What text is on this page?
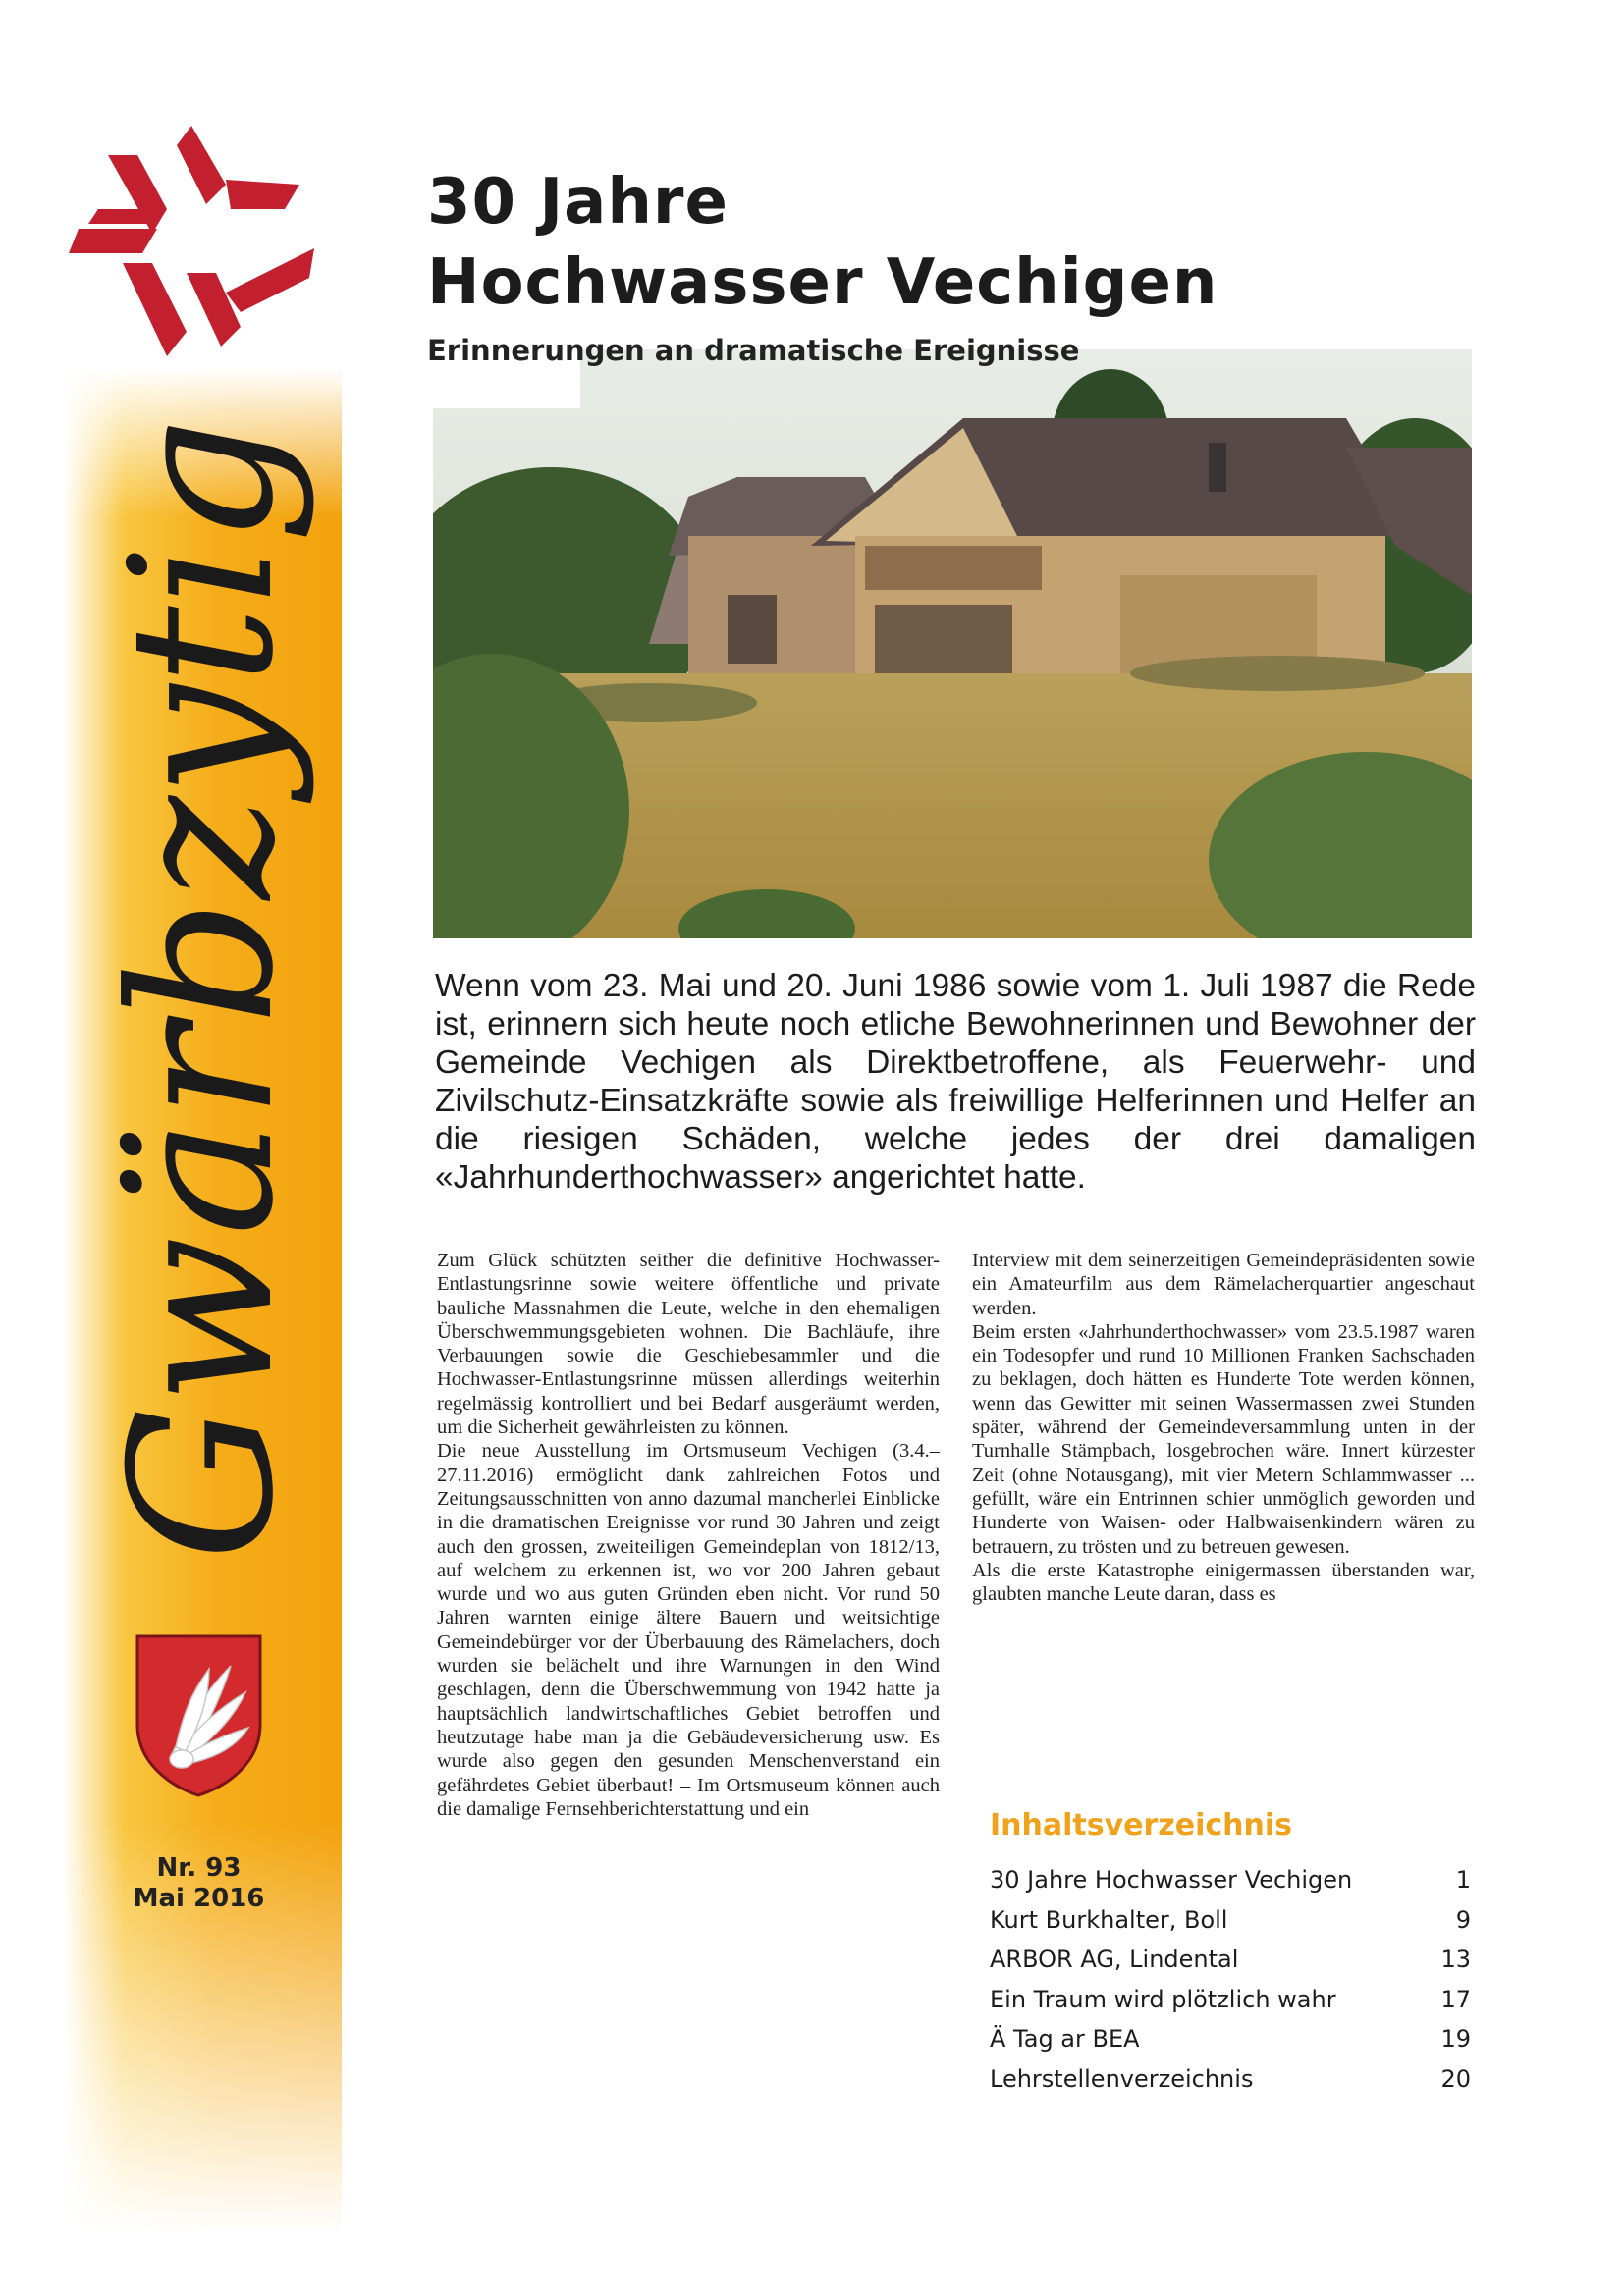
Gwärbzytig
Nr. 93
Mai 2016
30 Jahre
Hochwasser Vechigen
Erinnerungen an dramatische Ereignisse
Wenn vom 23. Mai und 20. Juni 1986 sowie vom 1. Juli 1987 die Rede ist, erinnern sich heute noch etliche Bewohnerinnen und Bewohner der Gemeinde Vechigen als Direktbetroffene, als Feuerwehr- und Zivilschutz-Einsatzkräfte sowie als freiwillige Helferinnen und Helfer an die riesigen Schäden, welche jedes der drei damaligen «Jahrhunderthochwasser» angerichtet hatte.

Zum Glück schützten seither die definitive Hochwasser-Entlastungsrinne sowie weitere öffentliche und private bauliche Massnahmen die Leute, welche in den ehemaligen Überschwemmungsgebieten wohnen. Die Bachläufe, ihre Verbauungen sowie die Geschiebesammler und die Hochwasser-Entlastungsrinne müssen allerdings weiterhin regelmässig kontrolliert und bei Bedarf ausgeräumt werden, um die Sicherheit gewährleisten zu können.

Die neue Ausstellung im Ortsmuseum Vechigen (3.4.–27.11.2016) ermöglicht dank zahlreichen Fotos und Zeitungsausschnitten von anno dazumal mancherlei Einblicke in die dramatischen Ereignisse vor rund 30 Jahren und zeigt auch den grossen, zweiteiligen Gemeindeplan von 1812/13, auf welchem zu erkennen ist, wo vor 200 Jahren gebaut wurde und wo aus guten Gründen eben nicht. Vor rund 50 Jahren warnten einige ältere Bauern und weitsichtige Gemeindebürger vor der Überbauung des Rämelachers, doch wurden sie belächelt und ihre Warnungen in den Wind geschlagen, denn die Überschwemmung von 1942 hatte ja hauptsächlich landwirtschaftliches Gebiet betroffen und heutzutage habe man ja die Gebäudeversicherung usw. Es wurde also gegen den gesunden Menschenverstand ein gefährdetes Gebiet überbaut! – Im Ortsmuseum können auch die damalige Fernsehberichterstattung und ein

Interview mit dem seinerzeitigen Gemeindepräsidenten sowie ein Amateurfilm aus dem Rämelacherquartier angeschaut werden.

Beim ersten «Jahrhunderthochwasser» vom 23.5.1987 waren ein Todesopfer und rund 10 Millionen Franken Sachschaden zu beklagen, doch hätten es Hunderte Tote werden können, wenn das Gewitter mit seinen Wassermassen zwei Stunden später, während der Gemeindeversammlung unten in der Turnhalle Stämpbach, losgebrochen wäre. Innert kürzester Zeit (ohne Notausgang), mit vier Metern Schlammwasser ... gefüllt, wäre ein Entrinnen schier unmöglich geworden und Hunderte von Waisen- oder Halbwaisenkindern wären zu betrauern, zu trösten und zu betreuen gewesen.

Als die erste Katastrophe einigermassen überstanden war, glaubten manche Leute daran, dass es

Inhaltsverzeichnis
30 Jahre Hochwasser Vechigen	1
Kurt Burkhalter, Boll	9
ARBOR AG, Lindental	13
Ein Traum wird plötzlich wahr	17
Ä Tag ar BEA	19
Lehrstellenverzeichnis	20
